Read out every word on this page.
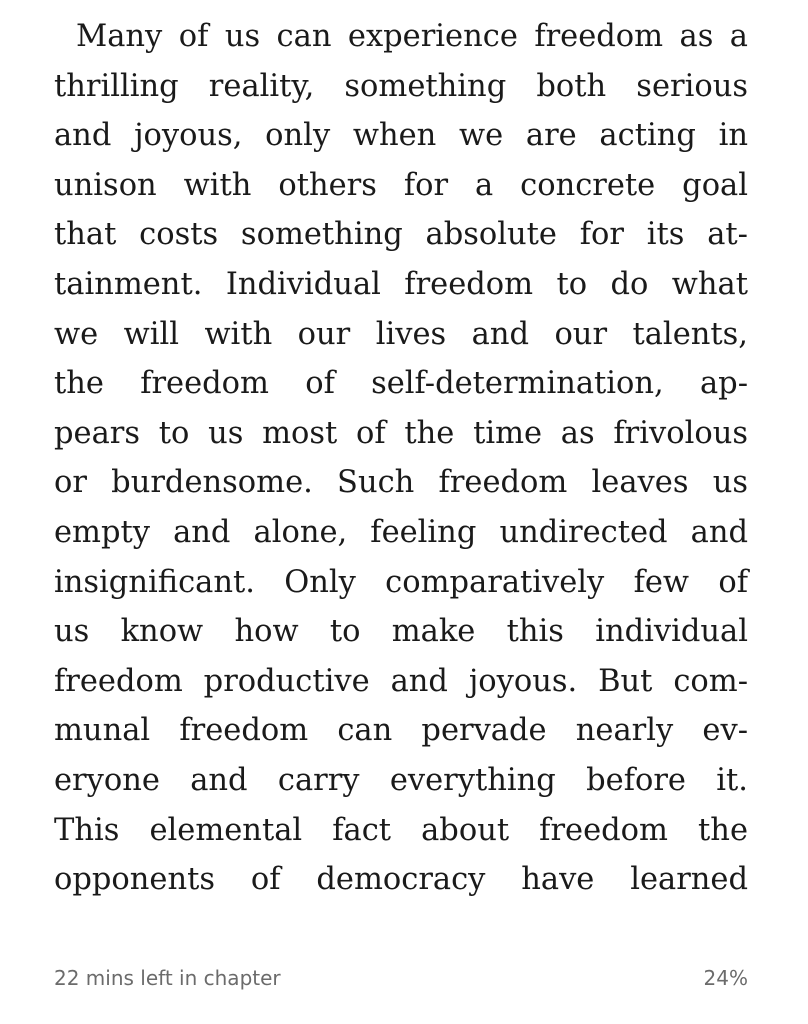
Many of us can experience freedom as a
thrilling reality, something both serious
and joyous, only when we are acting in
unison with others for a concrete goal
that costs something absolute for its at-
tainment. Individual freedom to do what
we will with our lives and our talents,
the freedom of self-determination, ap-
pears to us most of the time as frivolous
or burdensome. Such freedom leaves us
empty and alone, feeling undirected and
insignificant. Only comparatively few of
us know how to make this individual
freedom productive and joyous. But com-
munal freedom can pervade nearly ev-
eryone and carry everything before it.
This elemental fact about freedom the
opponents of democracy have learned
22 mins left in chapter	24%
